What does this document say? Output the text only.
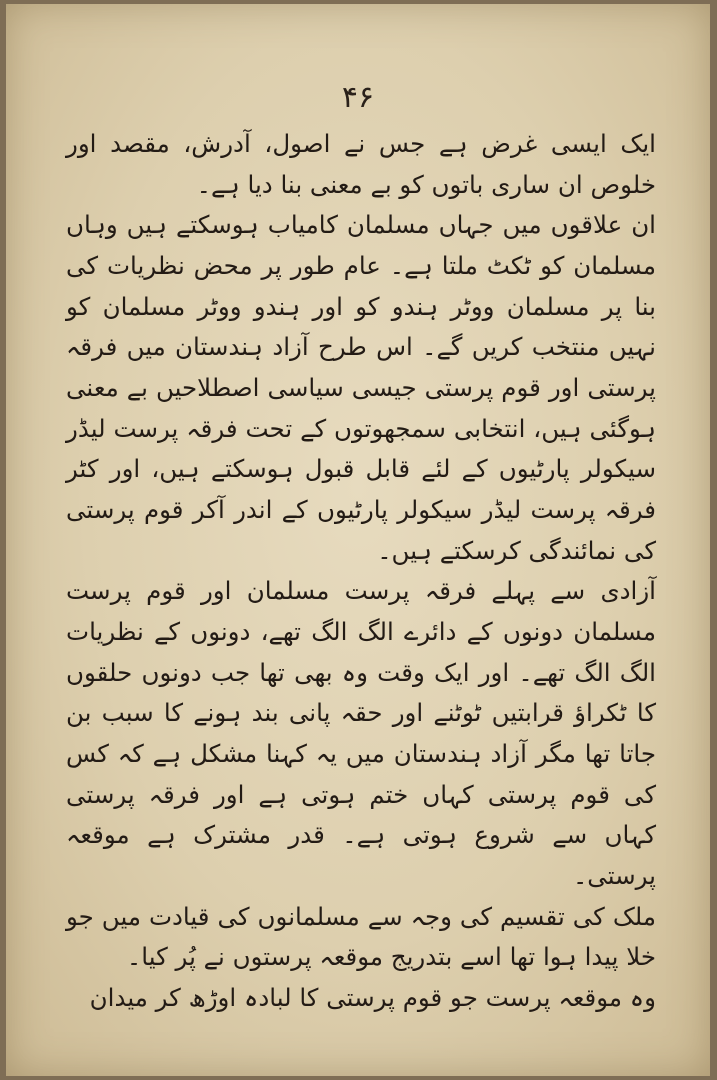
۴۶

ایک ایسی غرض ہے جس نے اصول، آدرش، مقصد اور خلوص ان ساری باتوں کو بے معنی بنا دیا ہے۔

ان علاقوں میں جہاں مسلمان کامیاب ہوسکتے ہیں وہاں مسلمان کو ٹکٹ ملتا ہے۔ عام طور پر محض نظریات کی بنا پر مسلمان ووٹر ہندو کو اور ہندو ووٹر مسلمان کو نہیں منتخب کریں گے۔ اس طرح آزاد ہندستان میں فرقہ پرستی اور قوم پرستی جیسی سیاسی اصطلاحیں بے معنی ہوگئی ہیں، انتخابی سمجھوتوں کے تحت فرقہ پرست لیڈر سیکولر پارٹیوں کے لئے قابل قبول ہوسکتے ہیں، اور کٹر فرقہ پرست لیڈر سیکولر پارٹیوں کے اندر آکر قوم پرستی کی نمائندگی کرسکتے ہیں۔

آزادی سے پہلے فرقہ پرست مسلمان اور قوم پرست مسلمان دونوں کے دائرے الگ الگ تھے، دونوں کے نظریات الگ الگ تھے۔ اور ایک وقت وہ بھی تھا جب دونوں حلقوں کا ٹکراؤ قرابتیں ٹوٹنے اور حقہ پانی بند ہونے کا سبب بن جاتا تھا مگر آزاد ہندستان میں یہ کہنا مشکل ہے کہ کس کی قوم پرستی کہاں ختم ہوتی ہے اور فرقہ پرستی کہاں سے شروع ہوتی ہے۔ قدر مشترک ہے موقعہ پرستی۔

ملک کی تقسیم کی وجہ سے مسلمانوں کی قیادت میں جو خلا پیدا ہوا تھا اسے بتدریج موقعہ پرستوں نے پُر کیا۔

وہ موقعہ پرست جو قوم پرستی کا لبادہ اوڑھ کر میدان
